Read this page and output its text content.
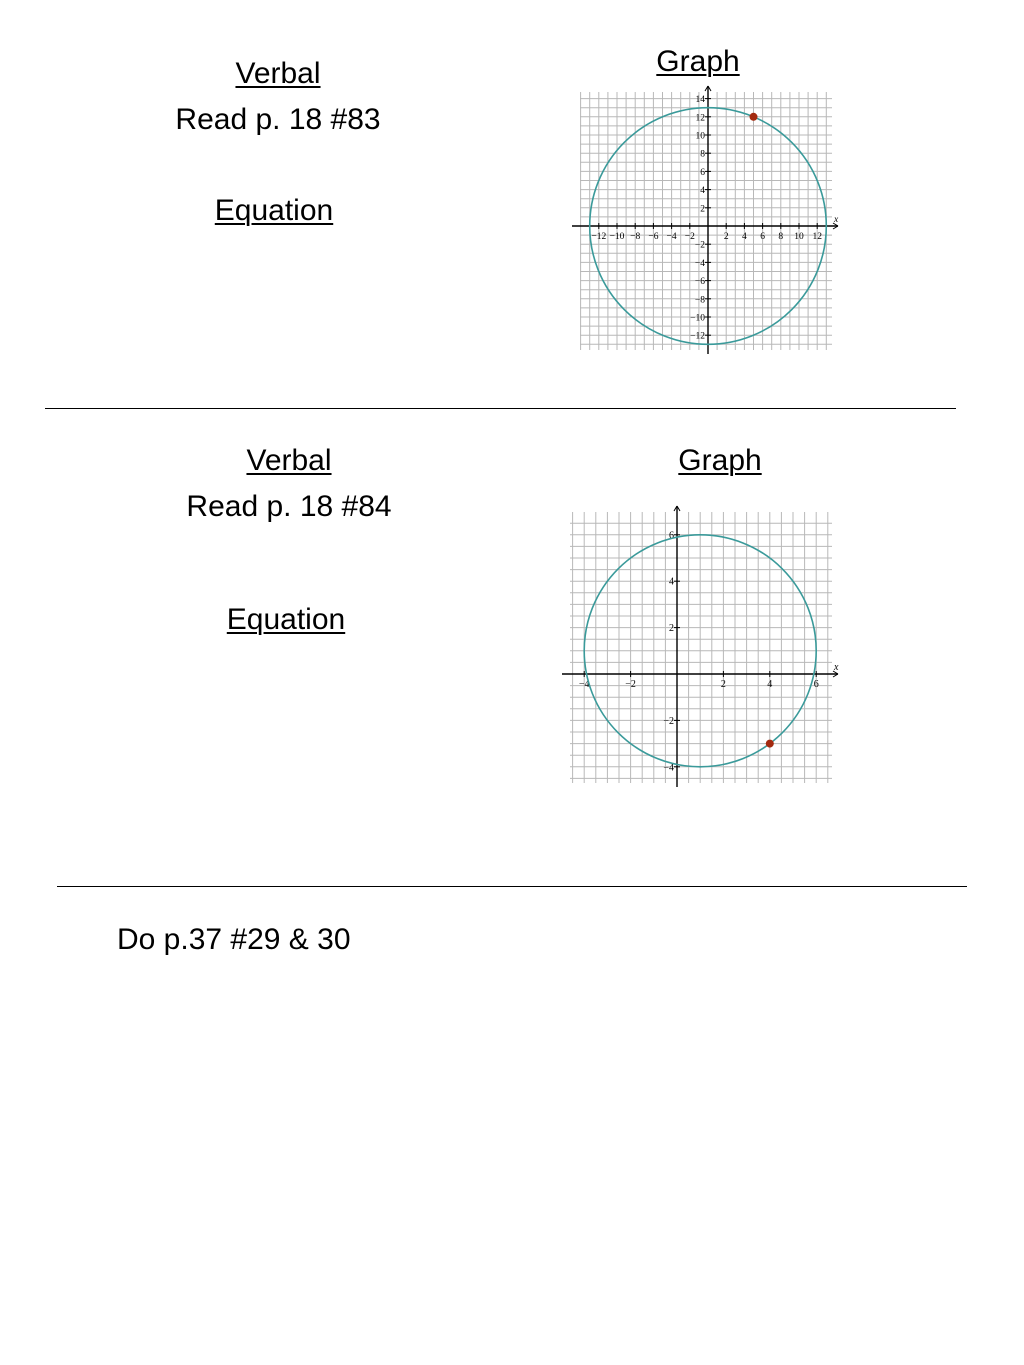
Verbal
Read p. 18 #83
Equation
Graph
−12 −10 −8 −6 −4 −2	2 4 6 8 10 12
14
12
10
8
6
4
2
−2
−4
−6
−8
−10
−12
x
Verbal
Read p. 18 #84
Equation
Graph
−4	−2	2	4	6
6
4
2
−2
−4
x
Do p.37 #29 & 30
